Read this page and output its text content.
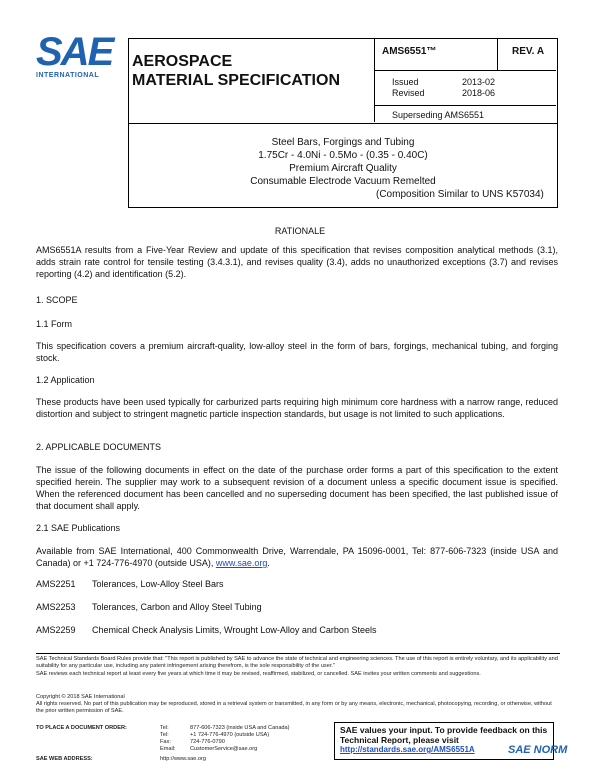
SAE
INTERNATIONAL
AEROSPACE
MATERIAL SPECIFICATION
AMS6551™	REV. A
Issued	2013-02
Revised	2018-06
Superseding AMS6551
Steel Bars, Forgings and Tubing
1.75Cr - 4.0Ni - 0.5Mo - (0.35 - 0.40C)
Premium Aircraft Quality
Consumable Electrode Vacuum Remelted
(Composition Similar to UNS K57034)
RATIONALE
AMS6551A results from a Five-Year Review and update of this specification that revises composition analytical methods (3.1), adds strain rate control for tensile testing (3.4.3.1), and revises quality (3.4), adds no unauthorized exceptions (3.7) and revises reporting (4.2) and identification (5.2).
1. SCOPE
1.1 Form
This specification covers a premium aircraft-quality, low-alloy steel in the form of bars, forgings, mechanical tubing, and forging stock.
1.2 Application
These products have been used typically for carburized parts requiring high minimum core hardness with a narrow range, reduced distortion and subject to stringent magnetic particle inspection standards, but usage is not limited to such applications.
2. APPLICABLE DOCUMENTS
The issue of the following documents in effect on the date of the purchase order forms a part of this specification to the extent specified herein. The supplier may work to a subsequent revision of a document unless a specific document issue is specified. When the referenced document has been cancelled and no superseding document has been specified, the last published issue of that document shall apply.
2.1 SAE Publications
Available from SAE International, 400 Commonwealth Drive, Warrendale, PA 15096-0001, Tel: 877-606-7323 (inside USA and Canada) or +1 724-776-4970 (outside USA), www.sae.org.
AMS2251 Tolerances, Low-Alloy Steel Bars
AMS2253 Tolerances, Carbon and Alloy Steel Tubing
AMS2259 Chemical Check Analysis Limits, Wrought Low-Alloy and Carbon Steels
SAE Technical Standards Board Rules provide that: "This report is published by SAE to advance the state of technical and engineering sciences. The use of this report is entirely voluntary, and its applicability and suitability for any particular use, including any patent infringement arising therefrom, is the sole responsibility of the user."
SAE reviews each technical report at least every five years at which time it may be revised, reaffirmed, stabilized, or cancelled. SAE invites your written comments and suggestions.
Copyright © 2018 SAE International
All rights reserved. No part of this publication may be reproduced, stored in a retrieval system or transmitted, in any form or by any means, electronic, mechanical, photocopying, recording, or otherwise, without the prior written permission of SAE.
TO PLACE A DOCUMENT ORDER:	Tel:	877-606-7323 (inside USA and Canada)
Tel:	+1 724-776-4970 (outside USA)
Fax:	724-776-0790
Email:	CustomerService@sae.org
SAE WEB ADDRESS:	http://www.sae.org
SAE values your input. To provide feedback on this
Technical Report, please visit
http://standards.sae.org/AMS6551A	SAE NORM
